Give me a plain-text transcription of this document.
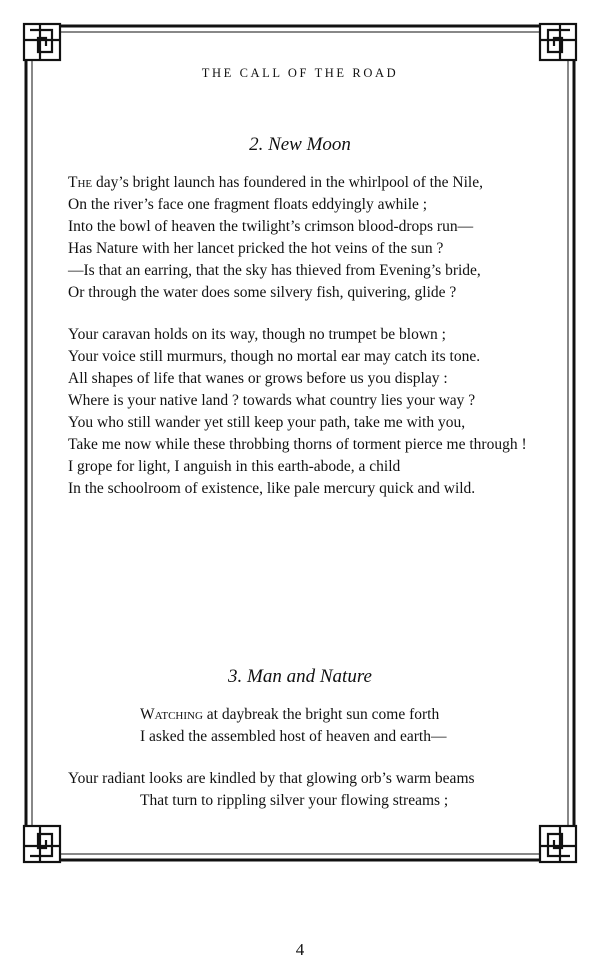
THE CALL OF THE ROAD
2. New Moon
The day’s bright launch has foundered in the whirlpool of the Nile,
On the river’s face one fragment floats eddyingly awhile ;
Into the bowl of heaven the twilight’s crimson blood-drops run—
Has Nature with her lancet pricked the hot veins of the sun ?
—Is that an earring, that the sky has thieved from Evening’s bride,
Or through the water does some silvery fish, quivering, glide ?
Your caravan holds on its way, though no trumpet be blown ;
Your voice still murmurs, though no mortal ear may catch its tone.
All shapes of life that wanes or grows before us you display :
Where is your native land ? towards what country lies your way ?
You who still wander yet still keep your path, take me with you,
Take me now while these throbbing thorns of torment pierce me through !
I grope for light, I anguish in this earth-abode, a child
In the schoolroom of existence, like pale mercury quick and wild.
3. Man and Nature
Watching at daybreak the bright sun come forth
I asked the assembled host of heaven and earth—
Your radiant looks are kindled by that glowing orb’s warm beams
That turn to rippling silver your flowing streams ;
4
